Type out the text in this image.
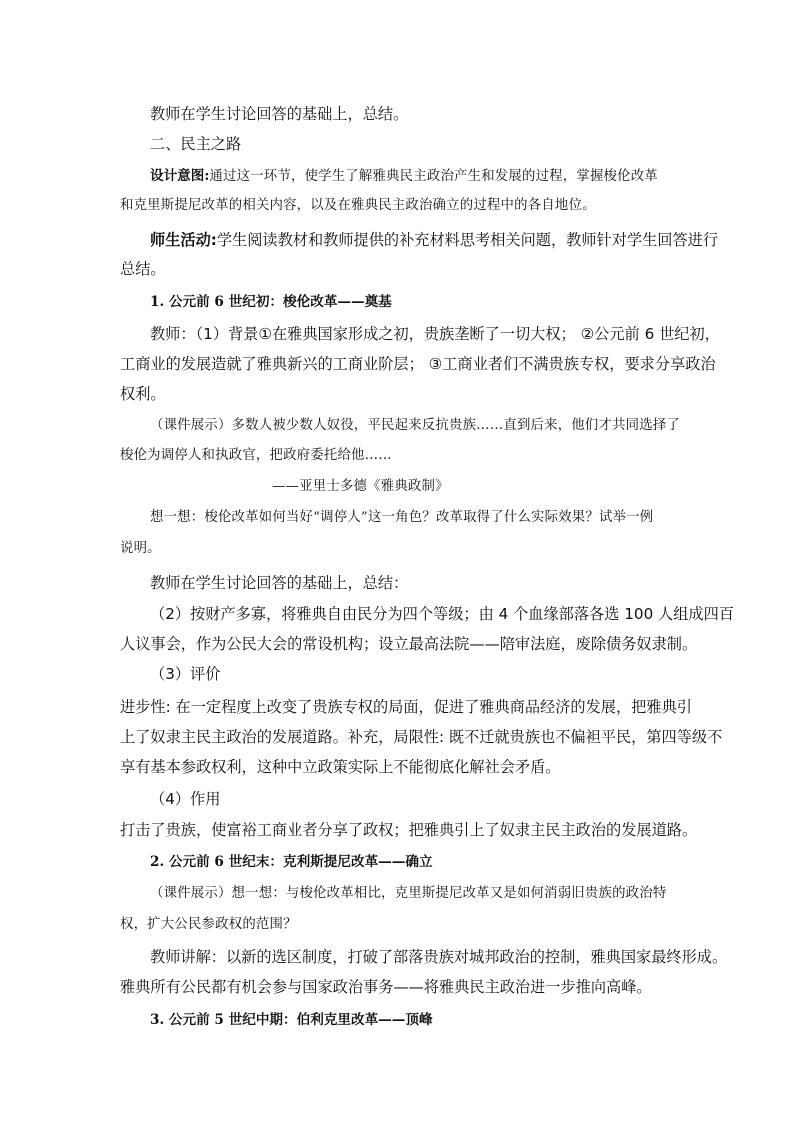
教师在学生讨论回答的基础上，总结。
二、民主之路
设计意图:通过这一环节，使学生了解雅典民主政治产生和发展的过程，掌握梭伦改革
和克里斯提尼改革的相关内容，以及在雅典民主政治确立的过程中的各自地位。
师生活动:学生阅读教材和教师提供的补充材料思考相关问题，教师针对学生回答进行
总结。
1. 公元前 6 世纪初：梭伦改革——奠基
教师：（1）背景①在雅典国家形成之初，贵族垄断了一切大权； ②公元前 6 世纪初，
工商业的发展造就了雅典新兴的工商业阶层； ③工商业者们不满贵族专权，要求分享政治
权利。
（课件展示）多数人被少数人奴役，平民起来反抗贵族……直到后来，他们才共同选择了
梭伦为调停人和执政官，把政府委托给他……
——亚里士多德《雅典政制》
想一想：梭伦改革如何当好“调停人”这一角色？改革取得了什么实际效果？试举一例
说明。
教师在学生讨论回答的基础上，总结：
（2）按财产多寡，将雅典自由民分为四个等级；由 4 个血缘部落各选 100 人组成四百
人议事会，作为公民大会的常设机构；设立最高法院——陪审法庭，废除债务奴隶制。
（3）评价
进步性: 在一定程度上改变了贵族专权的局面，促进了雅典商品经济的发展，把雅典引
上了奴隶主民主政治的发展道路。补充，局限性: 既不迁就贵族也不偏袒平民，第四等级不
享有基本参政权利，这种中立政策实际上不能彻底化解社会矛盾。
（4）作用
打击了贵族，使富裕工商业者分享了政权；把雅典引上了奴隶主民主政治的发展道路。
2. 公元前 6 世纪末：克利斯提尼改革——确立
（课件展示）想一想：与梭伦改革相比，克里斯提尼改革又是如何消弱旧贵族的政治特
权，扩大公民参政权的范围？
教师讲解：以新的选区制度，打破了部落贵族对城邦政治的控制，雅典国家最终形成。
雅典所有公民都有机会参与国家政治事务——将雅典民主政治进一步推向高峰。
3. 公元前 5 世纪中期：伯利克里改革——顶峰
